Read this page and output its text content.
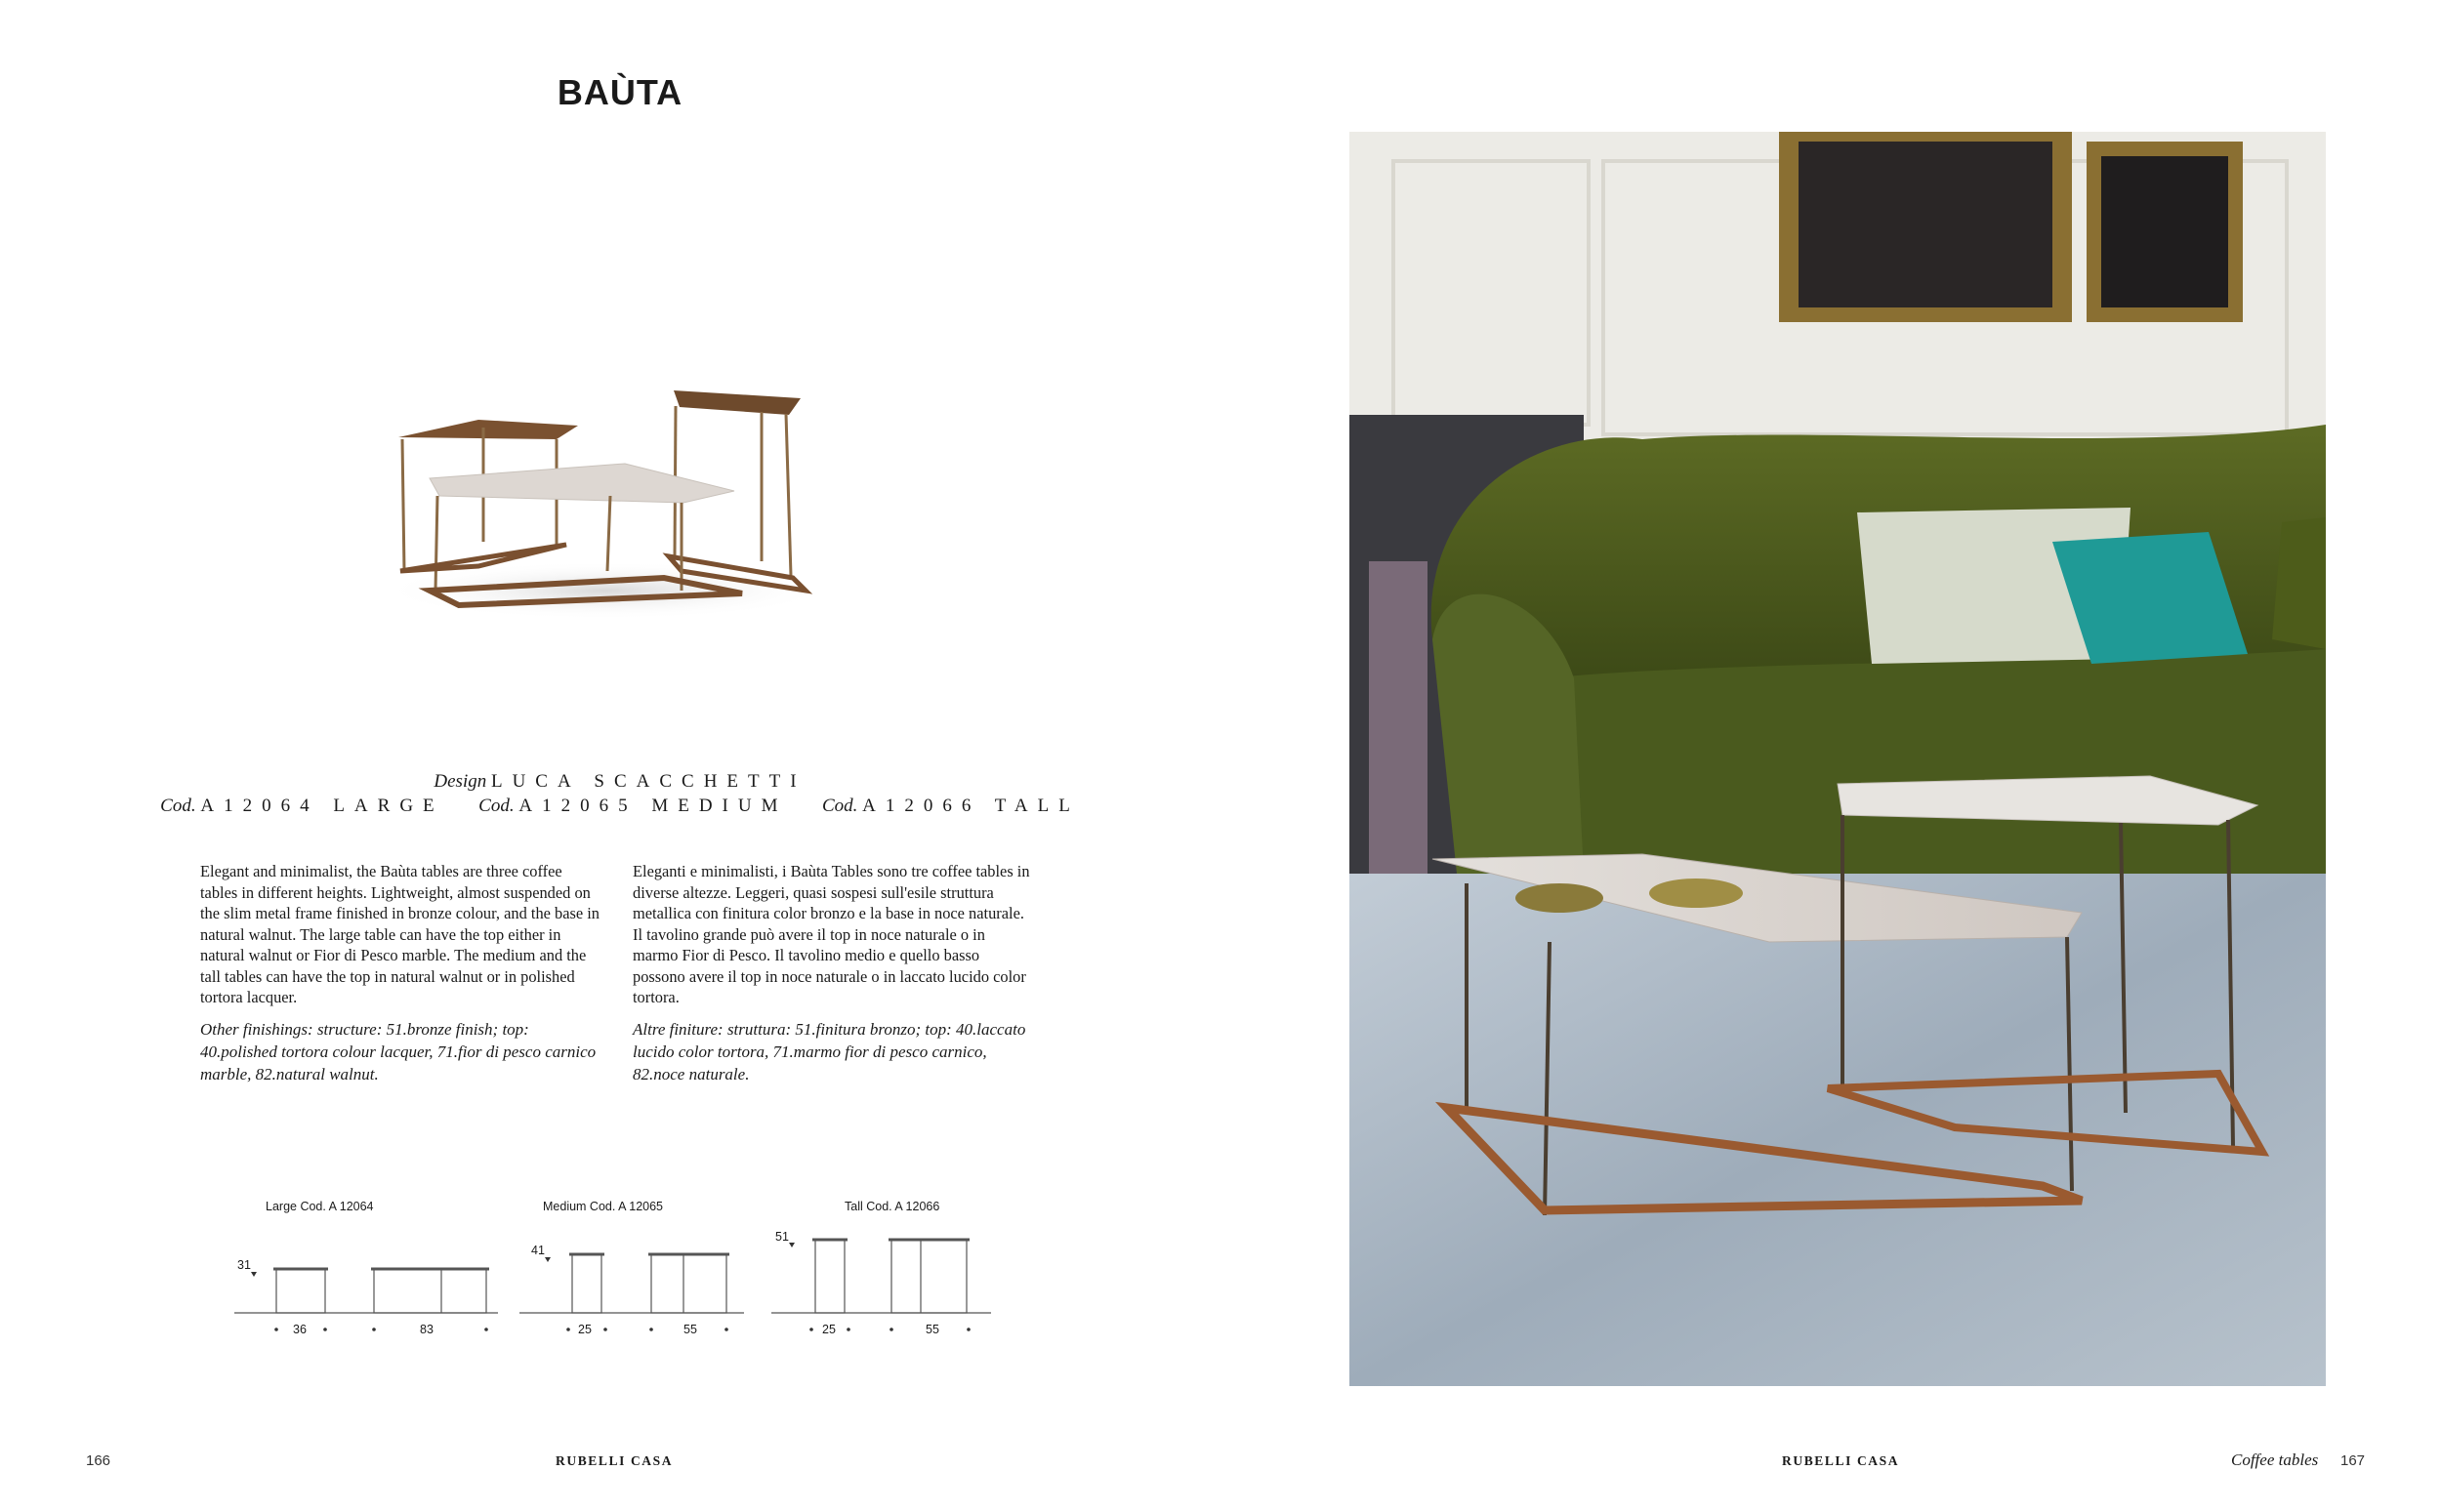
BAÙTA
Design LUCA SCACCHETTI
Cod. A12064 LARGE Cod. A12065 MEDIUM Cod. A12066 TALL

Elegant and minimalist, the Baùta tables are three coffee tables in different heights. Lightweight, almost suspended on the slim metal frame finished in bronze colour, and the base in natural walnut. The large table can have the top either in natural walnut or Fior di Pesco marble. The medium and the tall tables can have the top in natural walnut or in polished tortora lacquer.

Other finishings: structure: 51.bronze finish; top: 40.polished tortora colour lacquer, 71.fior di pesco carnico marble, 82.natural walnut.

Eleganti e minimalisti, i Baùta Tables sono tre coffee tables in diverse altezze. Leggeri, quasi sospesi sull'esile struttura metallica con finitura color bronzo e la base in noce naturale. Il tavolino grande può avere il top in noce naturale o in marmo Fior di Pesco. Il tavolino medio e quello basso possono avere il top in noce naturale o in laccato lucido color tortora.

Altre finiture: struttura: 51.finitura bronzo; top: 40.laccato lucido color tortora, 71.marmo fior di pesco carnico, 82.noce naturale.

Large Cod. A 12064	Medium Cod. A 12065	Tall Cod. A 12066
31
41
51
36	83	25	55	25	55
166	RUBELLI CASA	RUBELLI CASA	Coffee tables 167
